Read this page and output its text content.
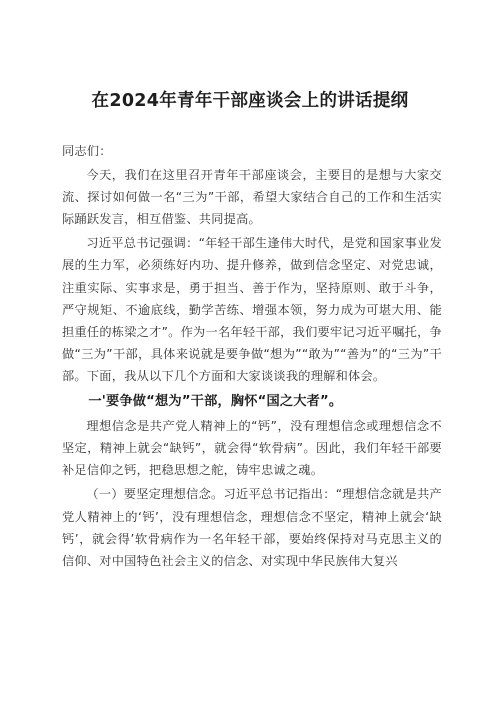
在2024年青年干部座谈会上的讲话提纲

同志们：

今天，我们在这里召开青年干部座谈会，主要目的是想与大家交流、探讨如何做一名“三为”干部，希望大家结合自己的工作和生活实际踊跃发言，相互借鉴、共同提高。

习近平总书记强调：“年轻干部生逢伟大时代，是党和国家事业发展的生力军，必须练好内功、提升修养，做到信念坚定、对党忠诚，注重实际、实事求是，勇于担当、善于作为，坚持原则、敢于斗争，严守规矩、不逾底线，勤学苦练、增强本领，努力成为可堪大用、能担重任的栋梁之才”。作为一名年轻干部，我们要牢记习近平嘱托，争做“三为”干部，具体来说就是要争做“想为”“敢为”“善为”的“三为”干部。下面，我从以下几个方面和大家谈谈我的理解和体会。

一'要争做“想为”干部，胸怀“国之大者”。

理想信念是共产党人精神上的“钙”，没有理想信念或理想信念不坚定，精神上就会“缺钙”，就会得“软骨病”。因此，我们年轻干部要补足信仰之钙，把稳思想之舵，铸牢忠诚之魂。

（一）要坚定理想信念。习近平总书记指出：“理想信念就是共产党人精神上的‘钙’，没有理想信念，理想信念不坚定，精神上就会‘缺钙’，就会得’软骨病作为一名年轻干部，要始终保持对马克思主义的信仰、对中国特色社会主义的信念、对实现中华民族伟大复兴
